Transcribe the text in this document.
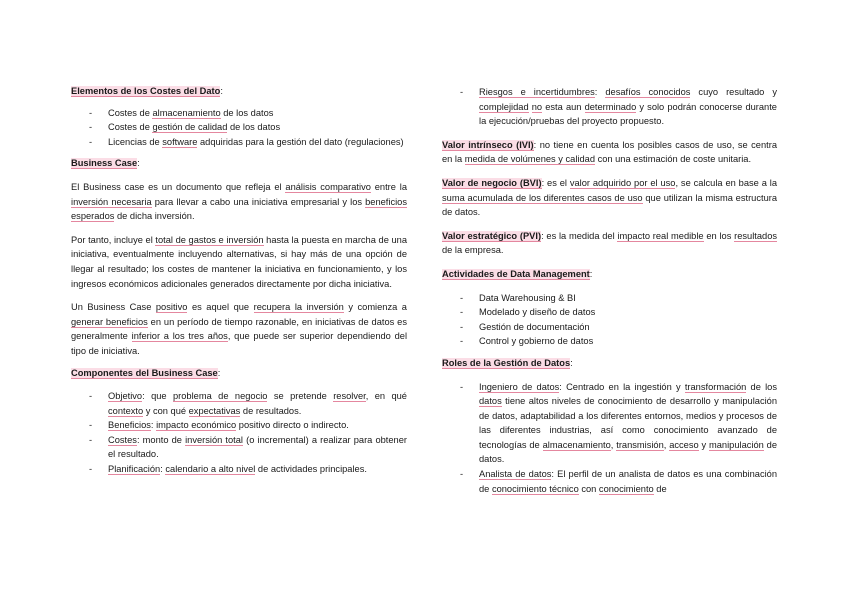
Elementos de los Costes del Dato:

- Costes de almacenamiento de los datos
- Costes de gestión de calidad de los datos
- Licencias de software adquiridas para la gestión del dato (regulaciones)

Business Case:

El Business case es un documento que refleja el análisis comparativo entre la inversión necesaria para llevar a cabo una iniciativa empresarial y los beneficios esperados de dicha inversión.

Por tanto, incluye el total de gastos e inversión hasta la puesta en marcha de una iniciativa, eventualmente incluyendo alternativas, si hay más de una opción de llegar al resultado; los costes de mantener la iniciativa en funcionamiento, y los ingresos económicos adicionales generados directamente por dicha iniciativa.

Un Business Case positivo es aquel que recupera la inversión y comienza a generar beneficios en un período de tiempo razonable, en iniciativas de datos es generalmente inferior a los tres años, que puede ser superior dependiendo del tipo de iniciativa.

Componentes del Business Case:

- Objetivo: que problema de negocio se pretende resolver, en qué contexto y con qué expectativas de resultados.
- Beneficios: impacto económico positivo directo o indirecto.
- Costes: monto de inversión total (o incremental) a realizar para obtener el resultado.
- Planificación: calendario a alto nivel de actividades principales.
- Riesgos e incertidumbres: desafíos conocidos cuyo resultado y complejidad no esta aun determinado y solo podrán conocerse durante la ejecución/pruebas del proyecto propuesto.

Valor intrínseco (IVI): no tiene en cuenta los posibles casos de uso, se centra en la medida de volúmenes y calidad con una estimación de coste unitaria.

Valor de negocio (BVI): es el valor adquirido por el uso, se calcula en base a la suma acumulada de los diferentes casos de uso que utilizan la misma estructura de datos.

Valor estratégico (PVI): es la medida del impacto real medible en los resultados de la empresa.

Actividades de Data Management:

- Data Warehousing & BI
- Modelado y diseño de datos
- Gestión de documentación
- Control y gobierno de datos

Roles de la Gestión de Datos:

- Ingeniero de datos: Centrado en la ingestión y transformación de los datos tiene altos niveles de conocimiento de desarrollo y manipulación de datos, adaptabilidad a los diferentes entornos, medios y procesos de las diferentes industrias, así como conocimiento avanzado de tecnologías de almacenamiento, transmisión, acceso y manipulación de datos.
- Analista de datos: El perfil de un analista de datos es una combinación de conocimiento técnico con conocimiento de
